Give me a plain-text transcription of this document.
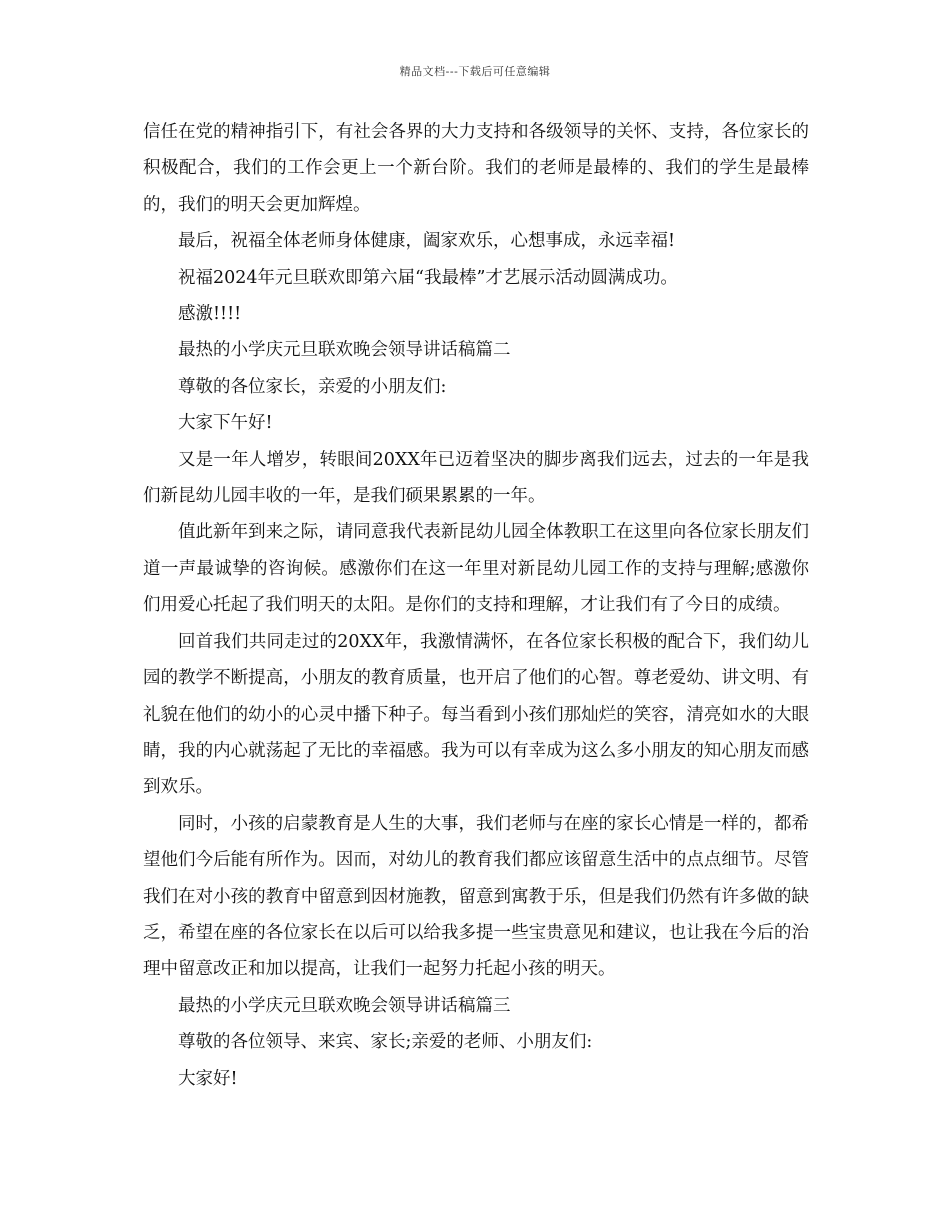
精品文档---下载后可任意编辑

信任在党的精神指引下，有社会各界的大力支持和各级领导的关怀、支持，各位家长的积极配合，我们的工作会更上一个新台阶。我们的老师是最棒的、我们的学生是最棒的，我们的明天会更加辉煌。

最后，祝福全体老师身体健康，阖家欢乐，心想事成，永远幸福!

祝福2024年元旦联欢即第六届“我最棒”才艺展示活动圆满成功。

感激!!!!

最热的小学庆元旦联欢晚会领导讲话稿篇二

尊敬的各位家长，亲爱的小朋友们:

大家下午好!

又是一年人增岁，转眼间20XX年已迈着坚决的脚步离我们远去，过去的一年是我们新昆幼儿园丰收的一年，是我们硕果累累的一年。

值此新年到来之际，请同意我代表新昆幼儿园全体教职工在这里向各位家长朋友们道一声最诚挚的咨询候。感激你们在这一年里对新昆幼儿园工作的支持与理解;感激你们用爱心托起了我们明天的太阳。是你们的支持和理解，才让我们有了今日的成绩。

回首我们共同走过的20XX年，我激情满怀，在各位家长积极的配合下，我们幼儿园的教学不断提高，小朋友的教育质量，也开启了他们的心智。尊老爱幼、讲文明、有礼貌在他们的幼小的心灵中播下种子。每当看到小孩们那灿烂的笑容，清亮如水的大眼睛，我的内心就荡起了无比的幸福感。我为可以有幸成为这么多小朋友的知心朋友而感到欢乐。

同时，小孩的启蒙教育是人生的大事，我们老师与在座的家长心情是一样的，都希望他们今后能有所作为。因而，对幼儿的教育我们都应该留意生活中的点点细节。尽管我们在对小孩的教育中留意到因材施教，留意到寓教于乐，但是我们仍然有许多做的缺乏，希望在座的各位家长在以后可以给我多提一些宝贵意见和建议，也让我在今后的治理中留意改正和加以提高，让我们一起努力托起小孩的明天。

最热的小学庆元旦联欢晚会领导讲话稿篇三

尊敬的各位领导、来宾、家长;亲爱的老师、小朋友们:

大家好!
